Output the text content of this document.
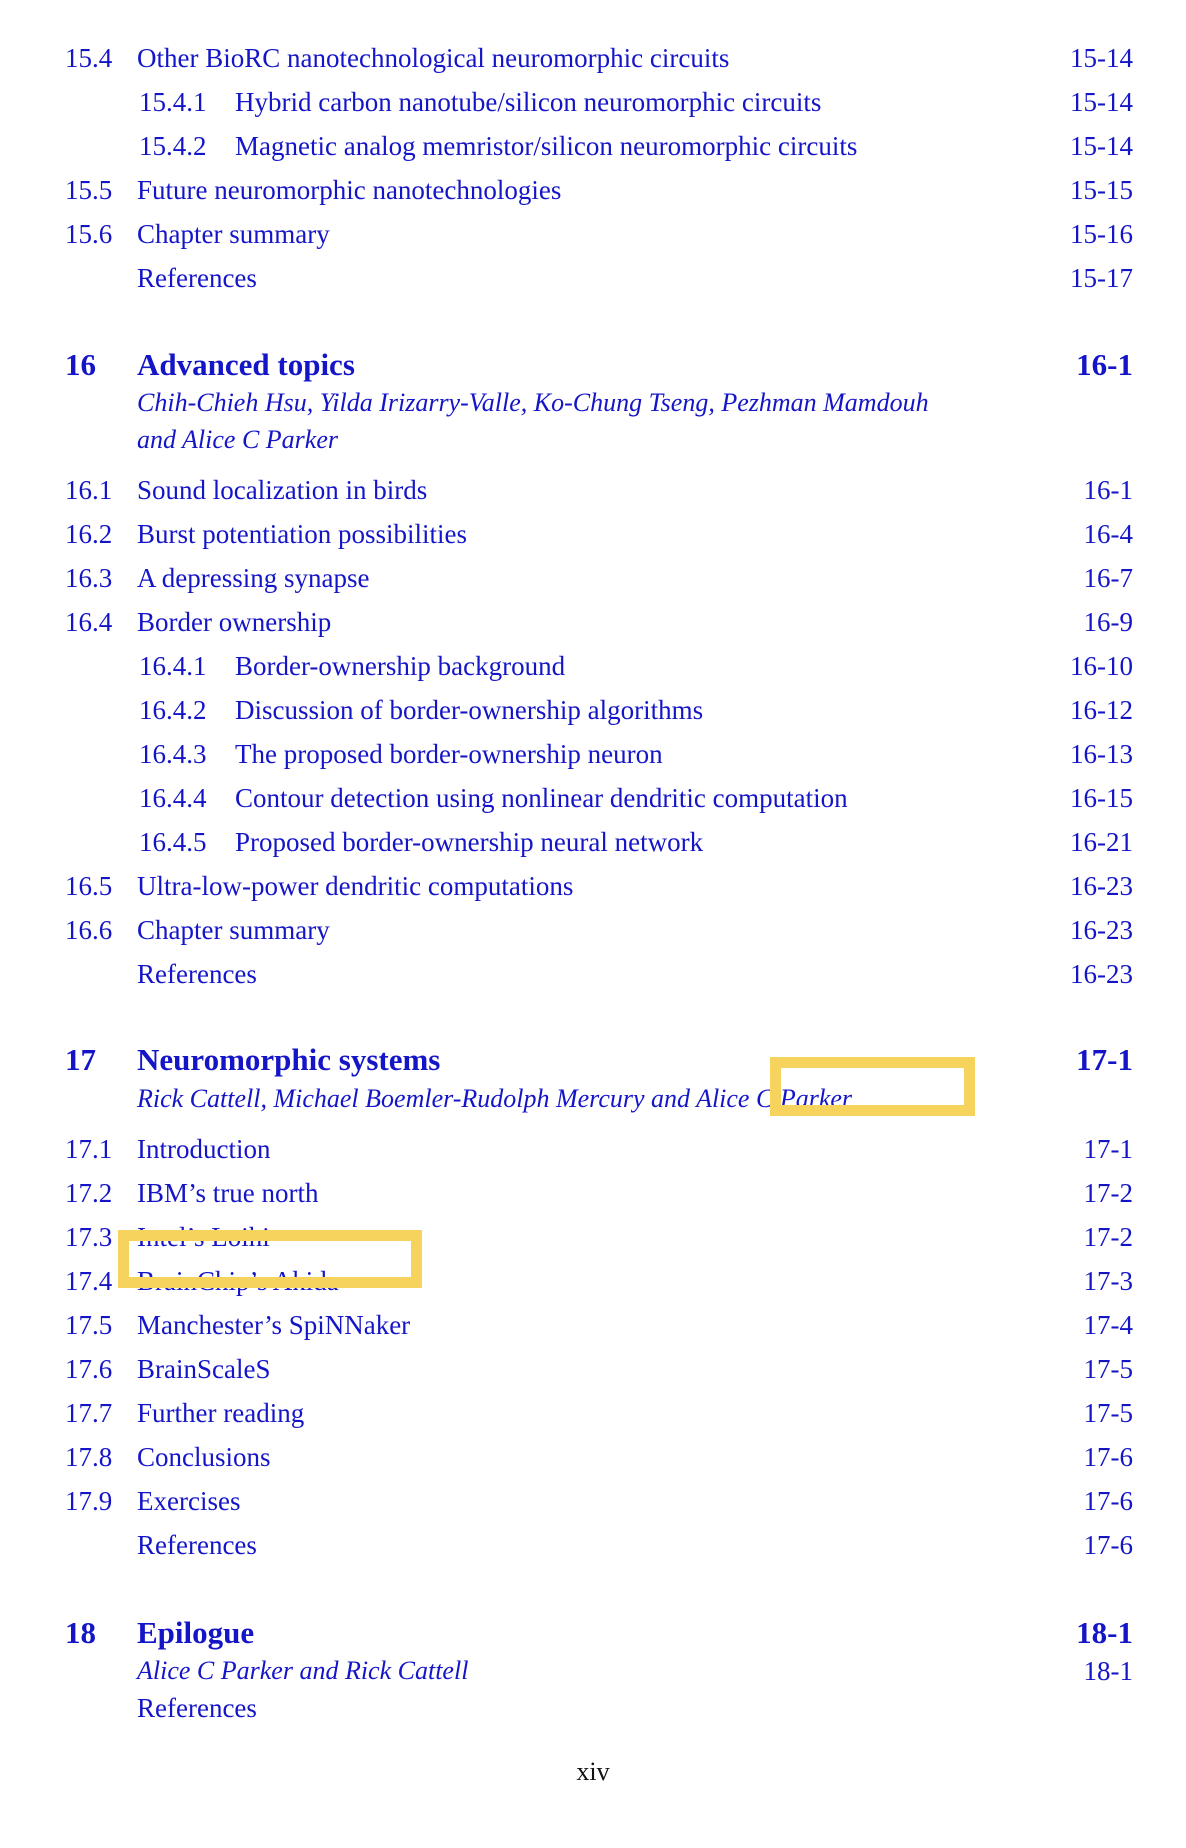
15.4 Other BioRC nanotechnological neuromorphic circuits	15-14
15.4.1 Hybrid carbon nanotube/silicon neuromorphic circuits	15-14
15.4.2 Magnetic analog memristor/silicon neuromorphic circuits	15-14
15.5 Future neuromorphic nanotechnologies	15-15
15.6 Chapter summary	15-16
References	15-17
16 Advanced topics	16-1
Chih-Chieh Hsu, Yilda Irizarry-Valle, Ko-Chung Tseng, Pezhman Mamdouh
and Alice C Parker
16.1 Sound localization in birds	16-1
16.2 Burst potentiation possibilities	16-4
16.3 A depressing synapse	16-7
16.4 Border ownership	16-9
16.4.1 Border-ownership background	16-10
16.4.2 Discussion of border-ownership algorithms	16-12
16.4.3 The proposed border-ownership neuron	16-13
16.4.4 Contour detection using nonlinear dendritic computation	16-15
16.4.5 Proposed border-ownership neural network	16-21
16.5 Ultra-low-power dendritic computations	16-23
16.6 Chapter summary	16-23
References	16-23
17 Neuromorphic systems	17-1
Rick Cattell, Michael Boemler-Rudolph Mercury and Alice C Parker
17.1 Introduction	17-1
17.2 IBM’s true north	17-2
17.3 Intel’s Loihi	17-2
17.4 BrainChip’s Akida	17-3
17.5 Manchester’s SpiNNaker	17-4
17.6 BrainScaleS	17-5
17.7 Further reading	17-5
17.8 Conclusions	17-6
17.9 Exercises	17-6
References	17-6
18 Epilogue	18-1
Alice C Parker and Rick Cattell	18-1
References
xiv
